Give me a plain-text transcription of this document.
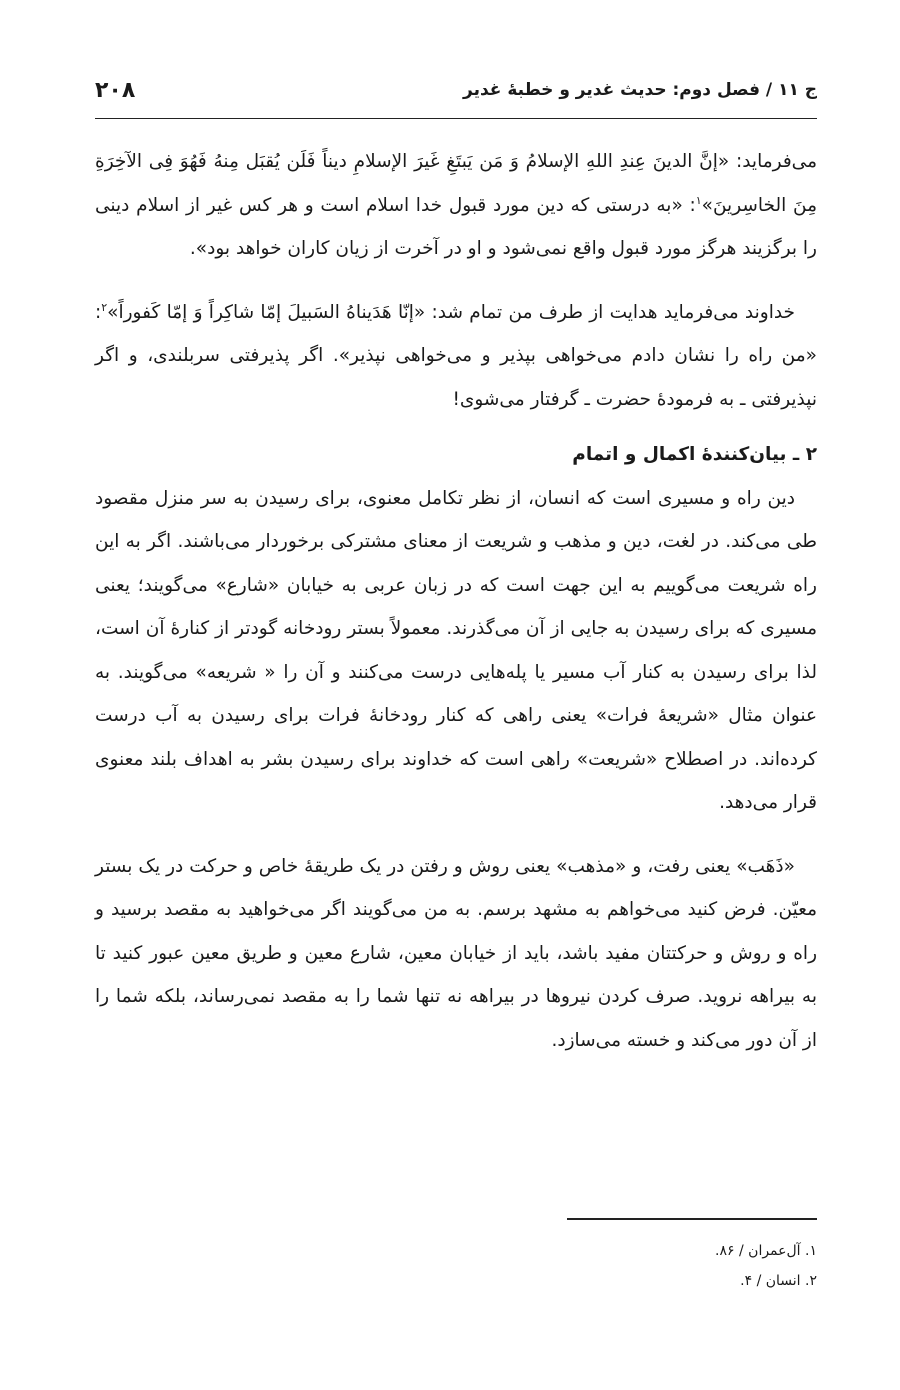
ج ۱۱ / فصل دوم: حدیث غدیر و خطبهٔ غدیر
۲۰۸

می‌فرماید: «إنَّ الدینَ عِندِ اللهِ الإسلامُ وَ مَن یَبتَغِ غَیرَ الإسلامِ دیناً فَلَن یُقبَل مِنهُ فَهُوَ فِی الآخِرَةِ مِنَ الخاسِرینَ»$^۱$: «به درستی که دین مورد قبول خدا اسلام است و هر کس غیر از اسلام دینی را برگزیند هرگز مورد قبول واقع نمی‌شود و او در آخرت از زیان کاران خواهد بود».

خداوند می‌فرماید هدایت از طرف من تمام شد: «إنّا هَدَیناهُ السَبیلَ إمّا شاکِراً وَ إمّا کَفوراً»$^۲$: «من راه را نشان دادم می‌خواهی بپذیر و می‌خواهی نپذیر». اگر پذیرفتی سربلندی، و اگر نپذیرفتی ـ به فرمودهٔ حضرت ـ گرفتار می‌شوی!

۲ ـ بیان‌کنندهٔ اکمال و اتمام

دین راه و مسیری است که انسان، از نظر تکامل معنوی، برای رسیدن به سر منزل مقصود طی می‌کند. در لغت، دین و مذهب و شریعت از معنای مشترکی برخوردار می‌باشند. اگر به این راه شریعت می‌گوییم به این جهت است که در زبان عربی به خیابان «شارع» می‌گویند؛ یعنی مسیری که برای رسیدن به جایی از آن می‌گذرند. معمولاً بستر رودخانه گودتر از کنارهٔ آن است، لذا برای رسیدن به کنار آب مسیر یا پله‌هایی درست می‌کنند و آن را « شریعه» می‌گویند. به عنوان مثال «شریعهٔ فرات» یعنی راهی که کنار رودخانهٔ فرات برای رسیدن به آب درست کرده‌اند. در اصطلاح «شریعت» راهی است که خداوند برای رسیدن بشر به اهداف بلند معنوی قرار می‌دهد.

«ذَهَب» یعنی رفت، و «مذهب» یعنی روش و رفتن در یک طریقهٔ خاص و حرکت در یک بستر معیّن. فرض کنید می‌خواهم به مشهد برسم. به من می‌گویند اگر می‌خواهید به مقصد برسید و راه و روش و حرکتتان مفید باشد، باید از خیابان معین، شارع معین و طریق معین عبور کنید تا به بیراهه نروید. صرف کردن نیروها در بیراهه نه تنها شما را به مقصد نمی‌رساند، بلکه شما را از آن دور می‌کند و خسته می‌سازد.

۱. آل‌عمران / ۸۶.
۲. انسان / ۴.
